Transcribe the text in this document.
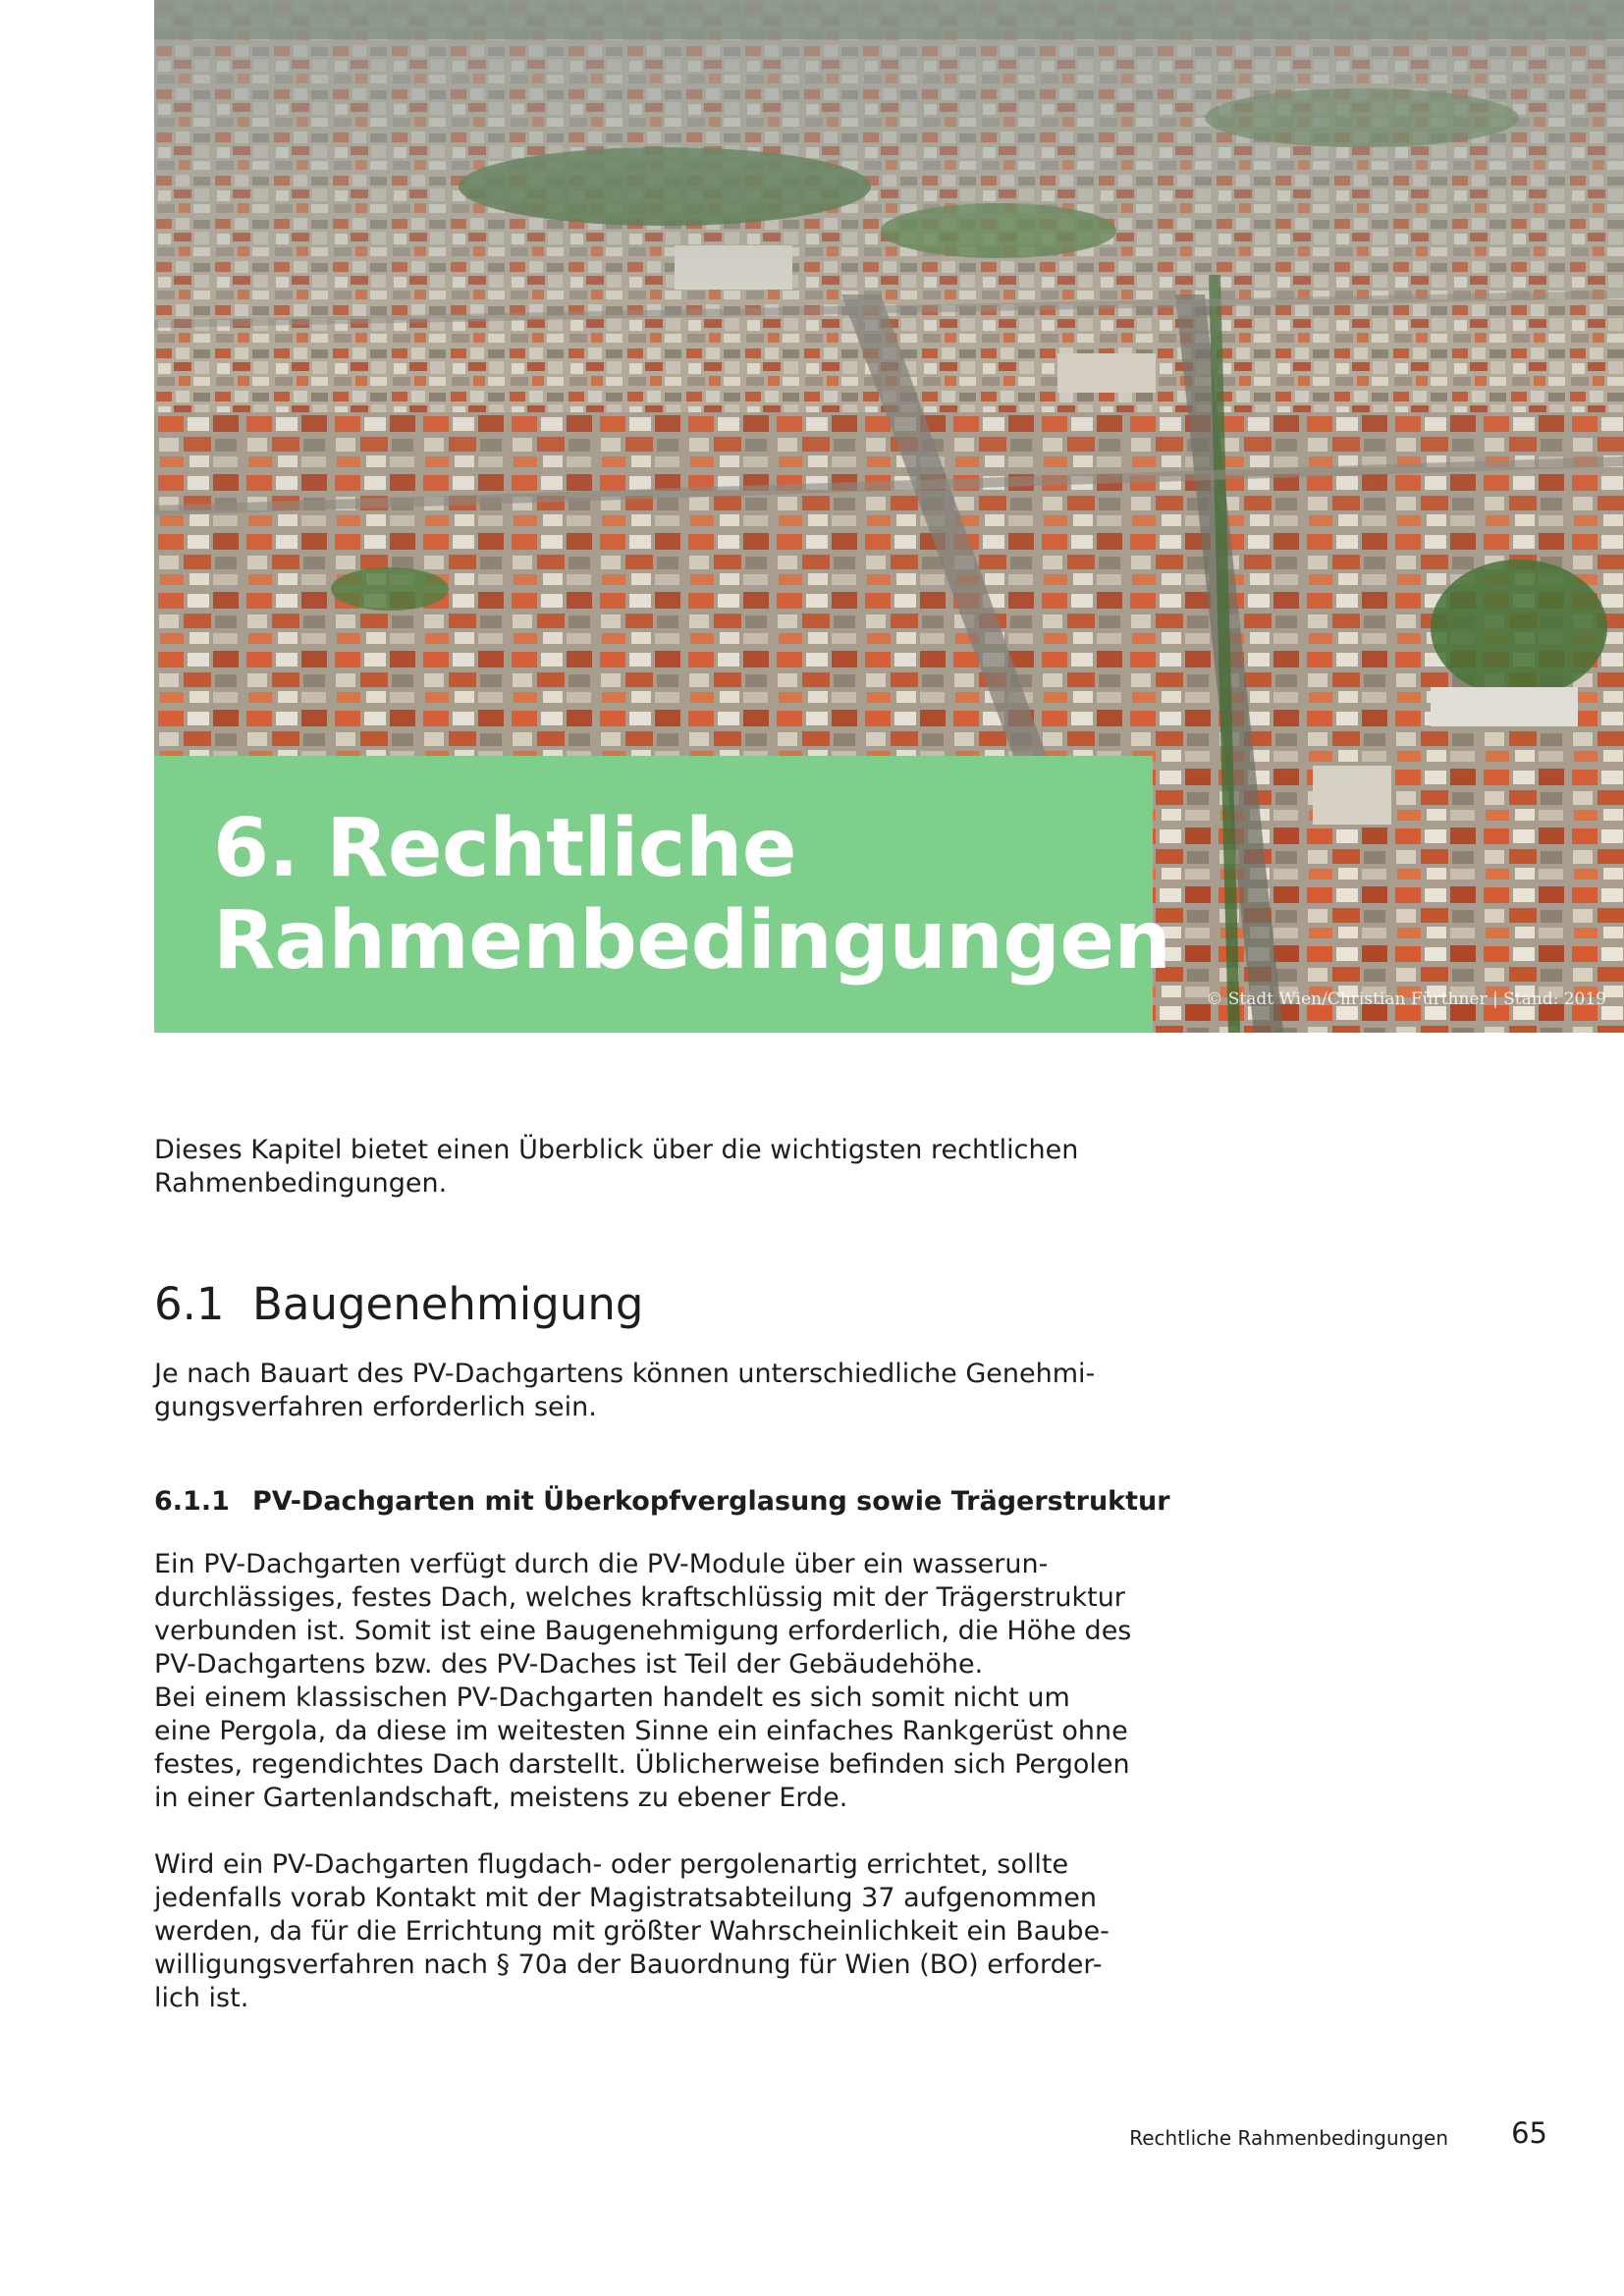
© Stadt Wien/Christian Fürthner | Stand: 2019
6. Rechtliche
Rahmenbedingungen

Dieses Kapitel bietet einen Überblick über die wichtigsten rechtlichen
Rahmenbedingungen.

6.1 Baugenehmigung

Je nach Bauart des PV-Dachgartens können unterschiedliche Genehmi-
gungsverfahren erforderlich sein.

6.1.1 PV-Dachgarten mit Überkopfverglasung sowie Trägerstruktur

Ein PV-Dachgarten verfügt durch die PV-Module über ein wasserun-
durchlässiges, festes Dach, welches kraftschlüssig mit der Trägerstruktur
verbunden ist. Somit ist eine Baugenehmigung erforderlich, die Höhe des
PV-Dachgartens bzw. des PV-Daches ist Teil der Gebäudehöhe.
Bei einem klassischen PV-Dachgarten handelt es sich somit nicht um
eine Pergola, da diese im weitesten Sinne ein einfaches Rankgerüst ohne
festes, regendichtes Dach darstellt. Üblicherweise befinden sich Pergolen
in einer Gartenlandschaft, meistens zu ebener Erde.

Wird ein PV-Dachgarten flugdach- oder pergolenartig errichtet, sollte
jedenfalls vorab Kontakt mit der Magistratsabteilung 37 aufgenommen
werden, da für die Errichtung mit größter Wahrscheinlichkeit ein Baube-
willigungsverfahren nach § 70a der Bauordnung für Wien (BO) erforder-
lich ist.

Rechtliche Rahmenbedingungen 65
